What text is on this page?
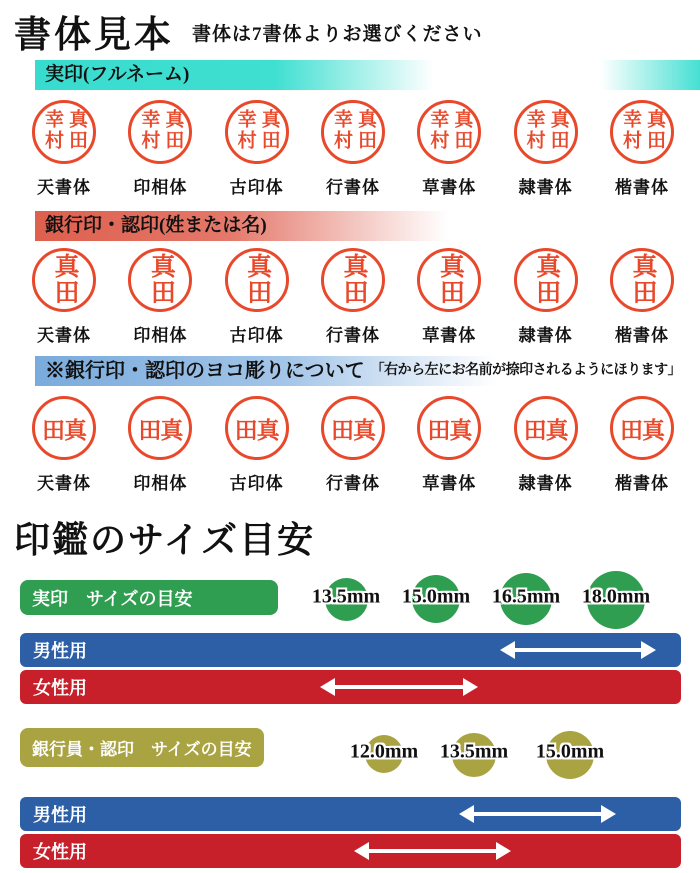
書体見本 書体は7書体よりお選びください
実印(フルネーム)
真田幸村
天書体
真田幸村
印相体
真田幸村
古印体
真田幸村
行書体
真田幸村
草書体
真田幸村
隷書体
真田幸村
楷書体
銀行印・認印(姓または名)
真田
天書体
真田
印相体
真田
古印体
真田
行書体
真田
草書体
真田
隷書体
真田
楷書体
※銀行印・認印のヨコ彫りについて 「右から左にお名前が捺印されるようにほります」
田真
天書体
田真
印相体
田真
古印体
田真
行書体
田真
草書体
田真
隷書体
田真
楷書体
印鑑のサイズ目安
実印　サイズの目安	13.5mm 15.0mm 16.5mm 18.0mm
男性用
女性用
銀行員・認印　サイズの目安	12.0mm 13.5mm 15.0mm
男性用
女性用
